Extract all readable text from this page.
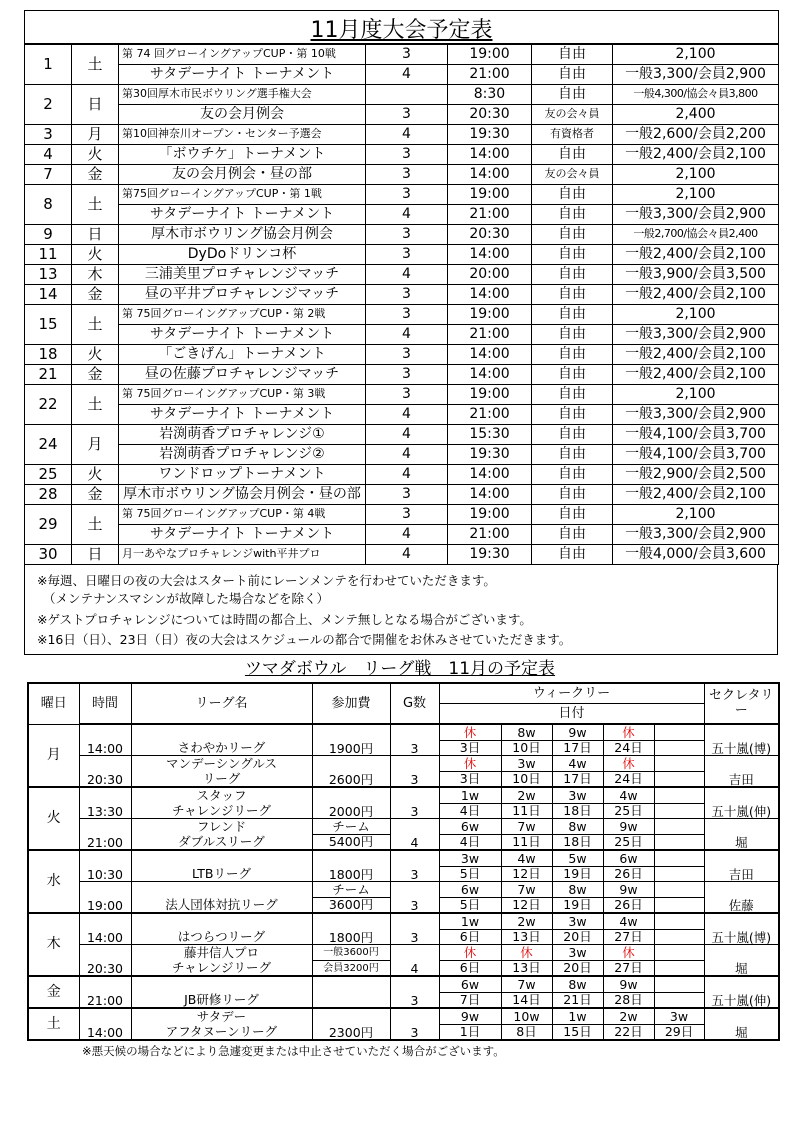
11月度大会予定表						
1	土	第 74 回グローイングアップCUP・第 10戦	3	19:00	自由	2,100
		サタデーナイト トーナメント	4	21:00	自由	一般3,300/会員2,900
2	日	第30回厚木市民ボウリング選手権大会		8:30	自由	一般4,300/協会々員3,800
		友の会月例会	3	20:30	友の会々員	2,400
3	月	第10回神奈川オープン・センター予選会	4	19:30	有資格者	一般2,600/会員2,200
4	火	「ボウチケ」トーナメント	3	14:00	自由	一般2,400/会員2,100
7	金	友の会月例会・昼の部	3	14:00	友の会々員	2,100
8	土	第75回グローイングアップCUP・第 1戦	3	19:00	自由	2,100
		サタデーナイト トーナメント	4	21:00	自由	一般3,300/会員2,900
9	日	厚木市ボウリング協会月例会	3	20:30	自由	一般2,700/協会々員2,400
11	火	DyDoドリンコ杯	3	14:00	自由	一般2,400/会員2,100
13	木	三浦美里プロチャレンジマッチ	4	20:00	自由	一般3,900/会員3,500
14	金	昼の平井プロチャレンジマッチ	3	14:00	自由	一般2,400/会員2,100
15	土	第 75回グローイングアップCUP・第 2戦	3	19:00	自由	2,100
		サタデーナイト トーナメント	4	21:00	自由	一般3,300/会員2,900
18	火	「ごきげん」トーナメント	3	14:00	自由	一般2,400/会員2,100
21	金	昼の佐藤プロチャレンジマッチ	3	14:00	自由	一般2,400/会員2,100
22	土	第 75回グローイングアップCUP・第 3戦	3	19:00	自由	2,100
		サタデーナイト トーナメント	4	21:00	自由	一般3,300/会員2,900
24	月	岩渕萌香プロチャレンジ①	4	15:30	自由	一般4,100/会員3,700
		岩渕萌香プロチャレンジ②	4	19:30	自由	一般4,100/会員3,700
25	火	ワンドロップトーナメント	4	14:00	自由	一般2,900/会員2,500
28	金	厚木市ボウリング協会月例会・昼の部	3	14:00	自由	一般2,400/会員2,100
29	土	第 75回グローイングアップCUP・第 4戦	3	19:00	自由	2,100
		サタデーナイト トーナメント	4	21:00	自由	一般3,300/会員2,900
30	日	月一あやなプロチャレンジwith平井プロ	4	19:30	自由	一般4,000/会員3,600
※毎週、日曜日の夜の大会はスタート前にレーンメンテを行わせていただきます。
（メンテナンスマシンが故障した場合などを除く）
※ゲストプロチャレンジについては時間の都合上、メンテ無しとなる場合がございます。
※16日（日）、23日（日）夜の大会はスケジュールの都合で開催をお休みさせていただきます。
ツマダボウル　リーグ戦　11月の予定表
曜日	時間	リーグ名	参加費	G数	ウィークリー					セクレタリー
					日付					
月	14:00		1900円	3	休	8w	9w	休		五十嵐(博)
		さわやかリーグ			3日	10日	17日	24日		
	20:30	マンデーシングルス	2600円	3	休	3w	4w	休		吉田
		リーグ			3日	10日	17日	24日		
火	13:30	スタッフ	2000円	3	1w	2w	3w	4w		五十嵐(伸)
		チャレンジリーグ			4日	11日	18日	25日		
	21:00	フレンド	チーム	4	6w	7w	8w	9w		堀
		ダブルスリーグ	5400円		4日	11日	18日	25日		
水	10:30		1800円	3	3w	4w	5w	6w		吉田
		LTBリーグ			5日	12日	19日	26日		
	19:00		チーム	3	6w	7w	8w	9w		佐藤
		法人団体対抗リーグ	3600円		5日	12日	19日	26日		
木	14:00		1800円	3	1w	2w	3w	4w		五十嵐(博)
		はつらつリーグ			6日	13日	20日	27日		
	20:30	藤井信人プロ	一般3600円	4	休	休	3w	休		堀
		チャレンジリーグ	会員3200円		6日	13日	20日	27日		
金	21:00			3	6w	7w	8w	9w		五十嵐(伸)
		JB研修リーグ			7日	14日	21日	28日		
土	14:00	サタデー	2300円	3	9w	10w	1w	2w	3w	堀
		アフタヌーンリーグ			1日	8日	15日	22日	29日	
※悪天候の場合などにより急遽変更または中止させていただく場合がございます。
